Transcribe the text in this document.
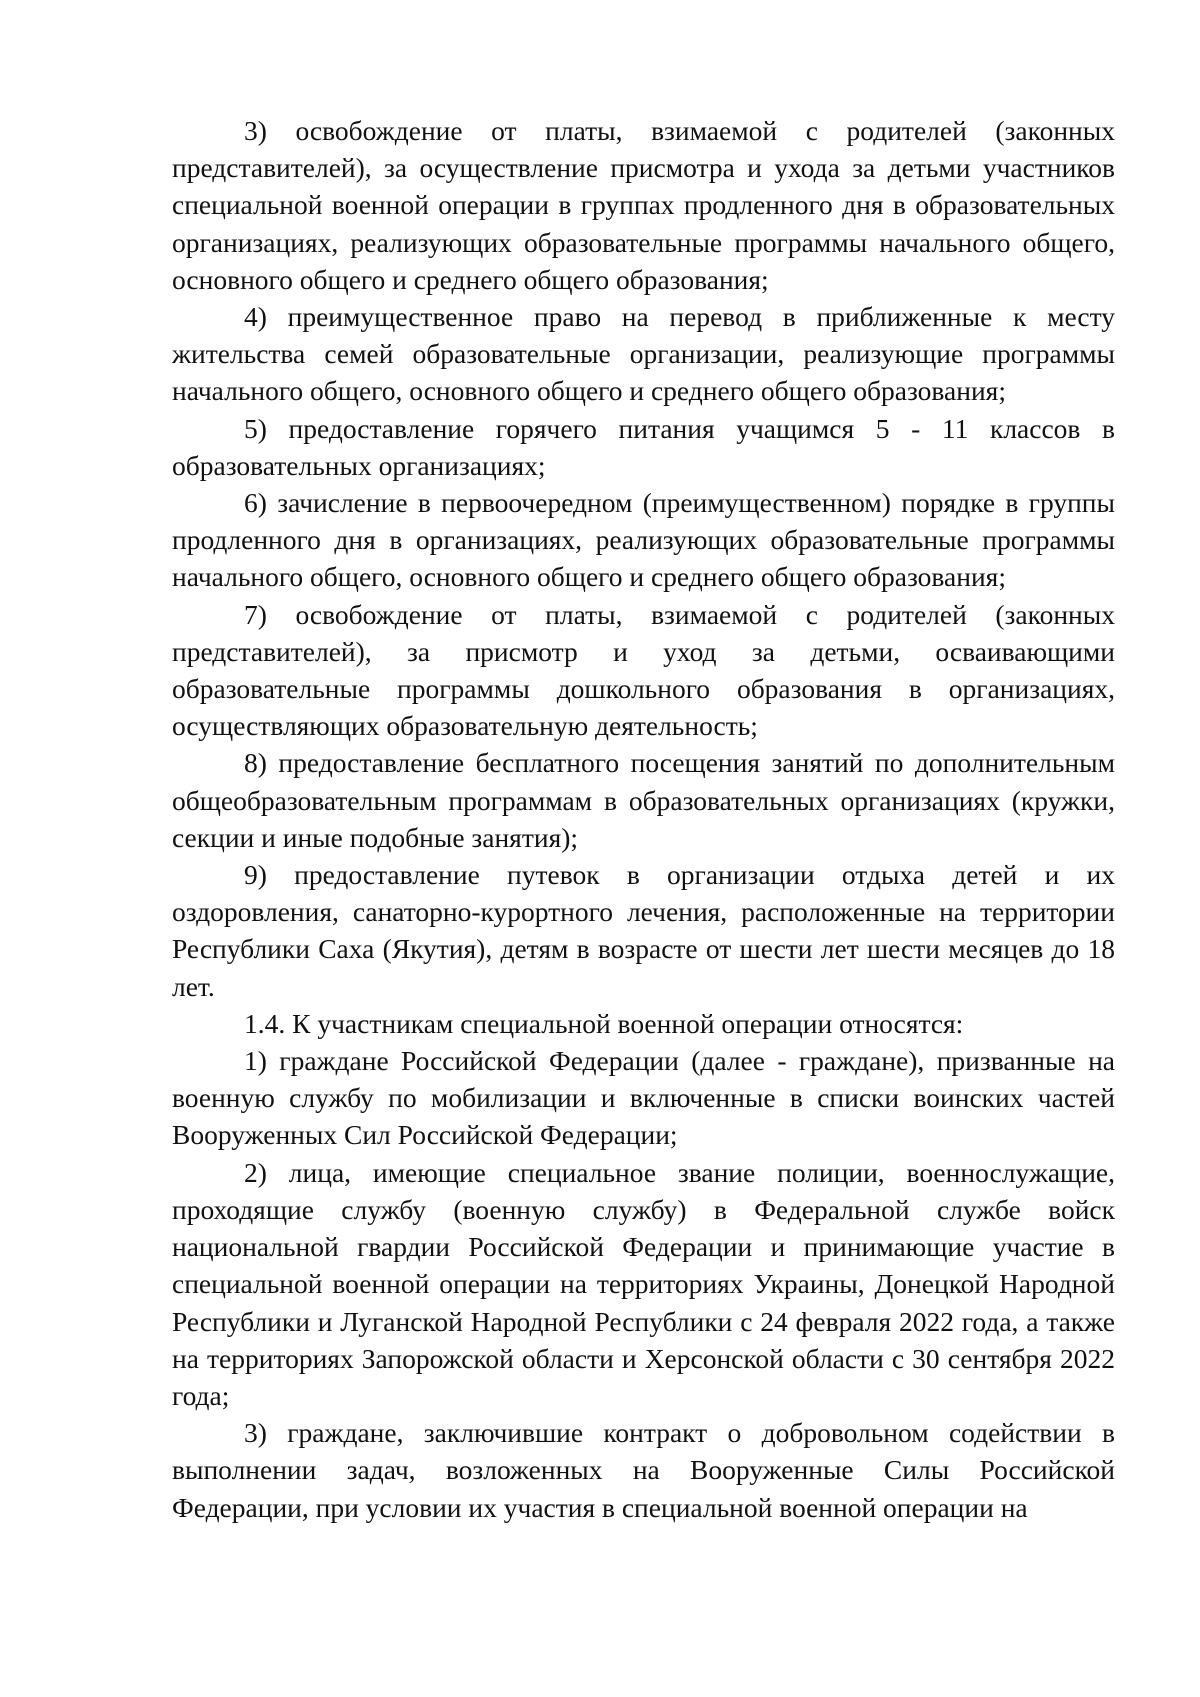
3) освобождение от платы, взимаемой с родителей (законных представителей), за осуществление присмотра и ухода за детьми участников специальной военной операции в группах продленного дня в образовательных организациях, реализующих образовательные программы начального общего, основного общего и среднего общего образования;

4) преимущественное право на перевод в приближенные к месту жительства семей образовательные организации, реализующие программы начального общего, основного общего и среднего общего образования;

5) предоставление горячего питания учащимся 5 - 11 классов в образовательных организациях;

6) зачисление в первоочередном (преимущественном) порядке в группы продленного дня в организациях, реализующих образовательные программы начального общего, основного общего и среднего общего образования;

7) освобождение от платы, взимаемой с родителей (законных представителей), за присмотр и уход за детьми, осваивающими образовательные программы дошкольного образования в организациях, осуществляющих образовательную деятельность;

8) предоставление бесплатного посещения занятий по дополнительным общеобразовательным программам в образовательных организациях (кружки, секции и иные подобные занятия);

9) предоставление путевок в организации отдыха детей и их оздоровления, санаторно-курортного лечения, расположенные на территории Республики Саха (Якутия), детям в возрасте от шести лет шести месяцев до 18 лет.

1.4. К участникам специальной военной операции относятся:

1) граждане Российской Федерации (далее - граждане), призванные на военную службу по мобилизации и включенные в списки воинских частей Вооруженных Сил Российской Федерации;

2) лица, имеющие специальное звание полиции, военнослужащие, проходящие службу (военную службу) в Федеральной службе войск национальной гвардии Российской Федерации и принимающие участие в специальной военной операции на территориях Украины, Донецкой Народной Республики и Луганской Народной Республики с 24 февраля 2022 года, а также на территориях Запорожской области и Херсонской области с 30 сентября 2022 года;

3) граждане, заключившие контракт о добровольном содействии в выполнении задач, возложенных на Вооруженные Силы Российской Федерации, при условии их участия в специальной военной операции на
